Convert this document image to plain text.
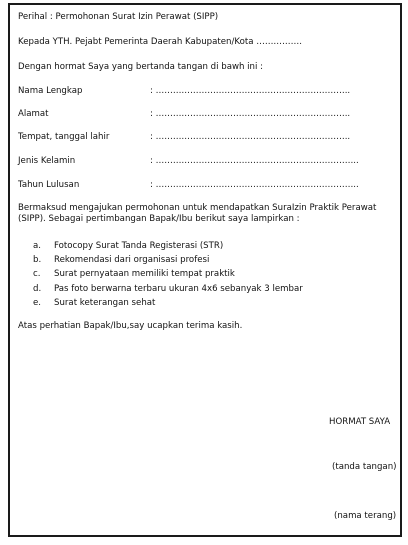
Perihal : Permohonan Surat Izin Perawat (SIPP)
Kepada YTH. Pejabt Pemerinta Daerah Kabupaten/Kota …………….
Dengan hormat Saya yang bertanda tangan di bawh ini :
Nama Lengkap	: …………………………………………………………..
Alamat	: …………………………………………………………..
Tempat, tanggal lahir	: …………………………………………………………..
Jenis Kelamin	: ……………………………………………………………..
Tahun Lulusan	: ……………………………………………………………..
Bermaksud mengajukan permohonan untuk mendapatkan SuraIzin Praktik Perawat (SIPP). Sebagai pertimbangan Bapak/Ibu berikut saya lampirkan :
a. Fotocopy Surat Tanda Registerasi (STR)
b. Rekomendasi dari organisasi profesi
c. Surat pernyataan memiliki tempat praktik
d. Pas foto berwarna terbaru ukuran 4x6 sebanyak 3 lembar
e. Surat keterangan sehat
Atas perhatian Bapak/Ibu,say ucapkan terima kasih.
HORMAT SAYA
(tanda tangan)
(nama terang)
